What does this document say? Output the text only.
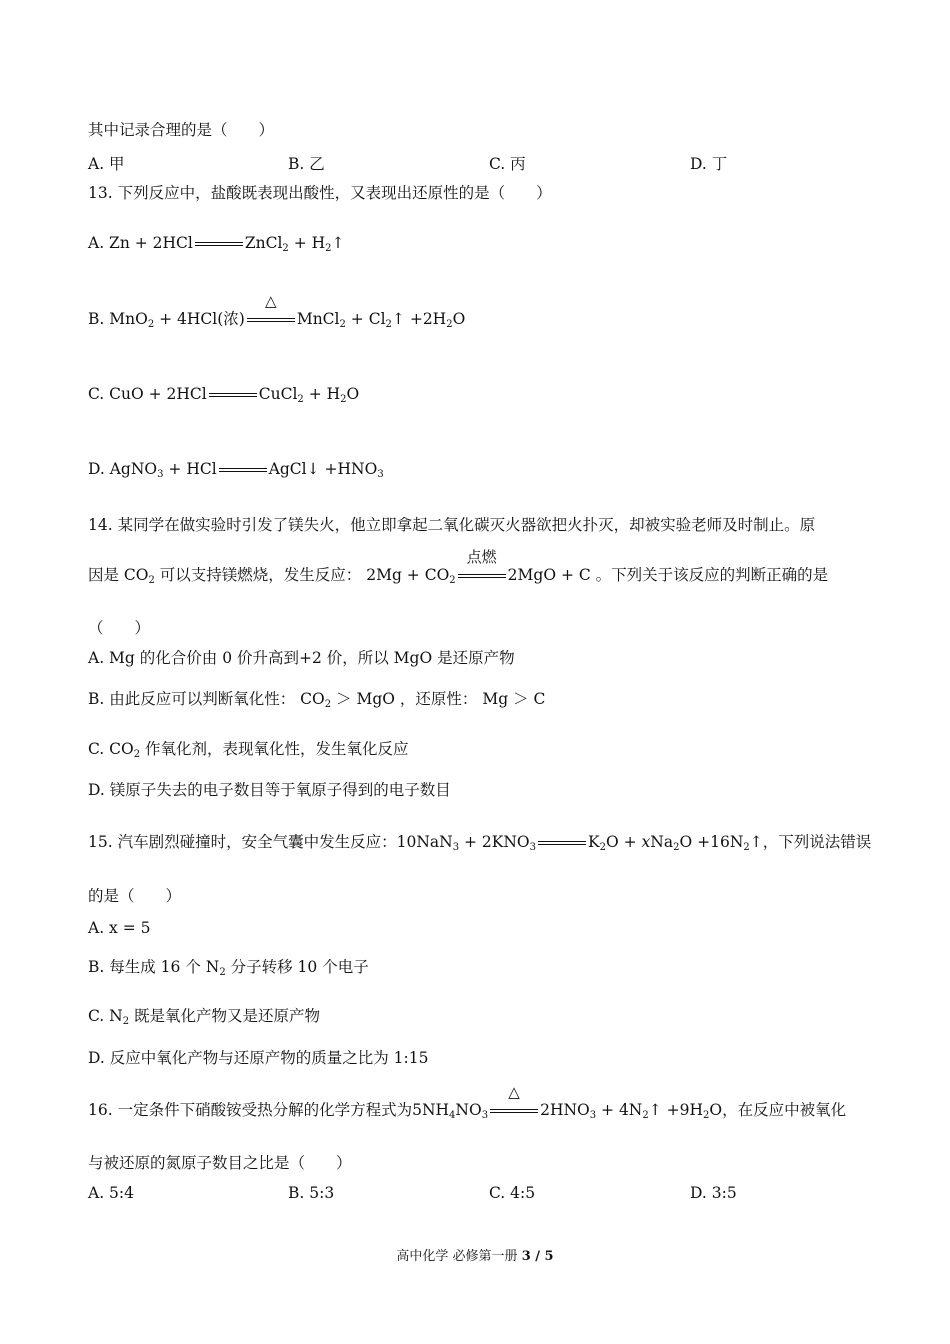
其中记录合理的是（　　）
A. 甲	B. 乙	C. 丙	D. 丁
13. 下列反应中，盐酸既表现出酸性，又表现出还原性的是（　　）
A. Zn + 2HCl	ZnCl$_2$ + $H_2↑$
B. MnO$_2$ + 4HCl(浓)
△
MnCl$_2$ + $Cl_2↑ +2H_2O$
C. CuO + 2HCl	CuCl$_2$ + $H_2O$
D. AgNO$_3$ + HCl	AgCl↓ $+HNO_3$
14. 某同学在做实验时引发了镁失火，他立即拿起二氧化碳灭火器欲把火扑灭，却被实验老师及时制止。原
因是 $CO_2$ 可以支持镁燃烧，发生反应： $2Mg + CO_2$
点燃
2MgO + C 。下列关于该反应的判断正确的是
（　　）
A. Mg 的化合价由 0 价升高到+2 价，所以 MgO 是还原产物
B. 由此反应可以判断氧化性： $CO_2$ ＞ MgO ，还原性： Mg ＞ C
C. $CO_2$ 作氧化剂，表现氧化性，发生氧化反应
D. 镁原子失去的电子数目等于氧原子得到的电子数目
15. 汽车剧烈碰撞时，安全气囊中发生反应：$10NaN_3 + 2KNO_3$	$K_2O + xNa_2O$ $+16N_2↑$，下列说法错误
的是（　　）
A. x = 5
B. 每生成 16 个 $N_2$ 分子转移 10 个电子
C. $N_2$ 既是氧化产物又是还原产物
D. 反应中氧化产物与还原产物的质量之比为 1:15
16. 一定条件下硝酸铵受热分解的化学方程式为$5NH_4NO_3$
△
$2HNO_3$ + $4N_2↑ +9H_2O$，在反应中被氧化
与被还原的氮原子数目之比是（　　）
A. 5:4	B. 5:3	C. 4:5	D. 3:5
高中化学 必修第一册 3 / 5
